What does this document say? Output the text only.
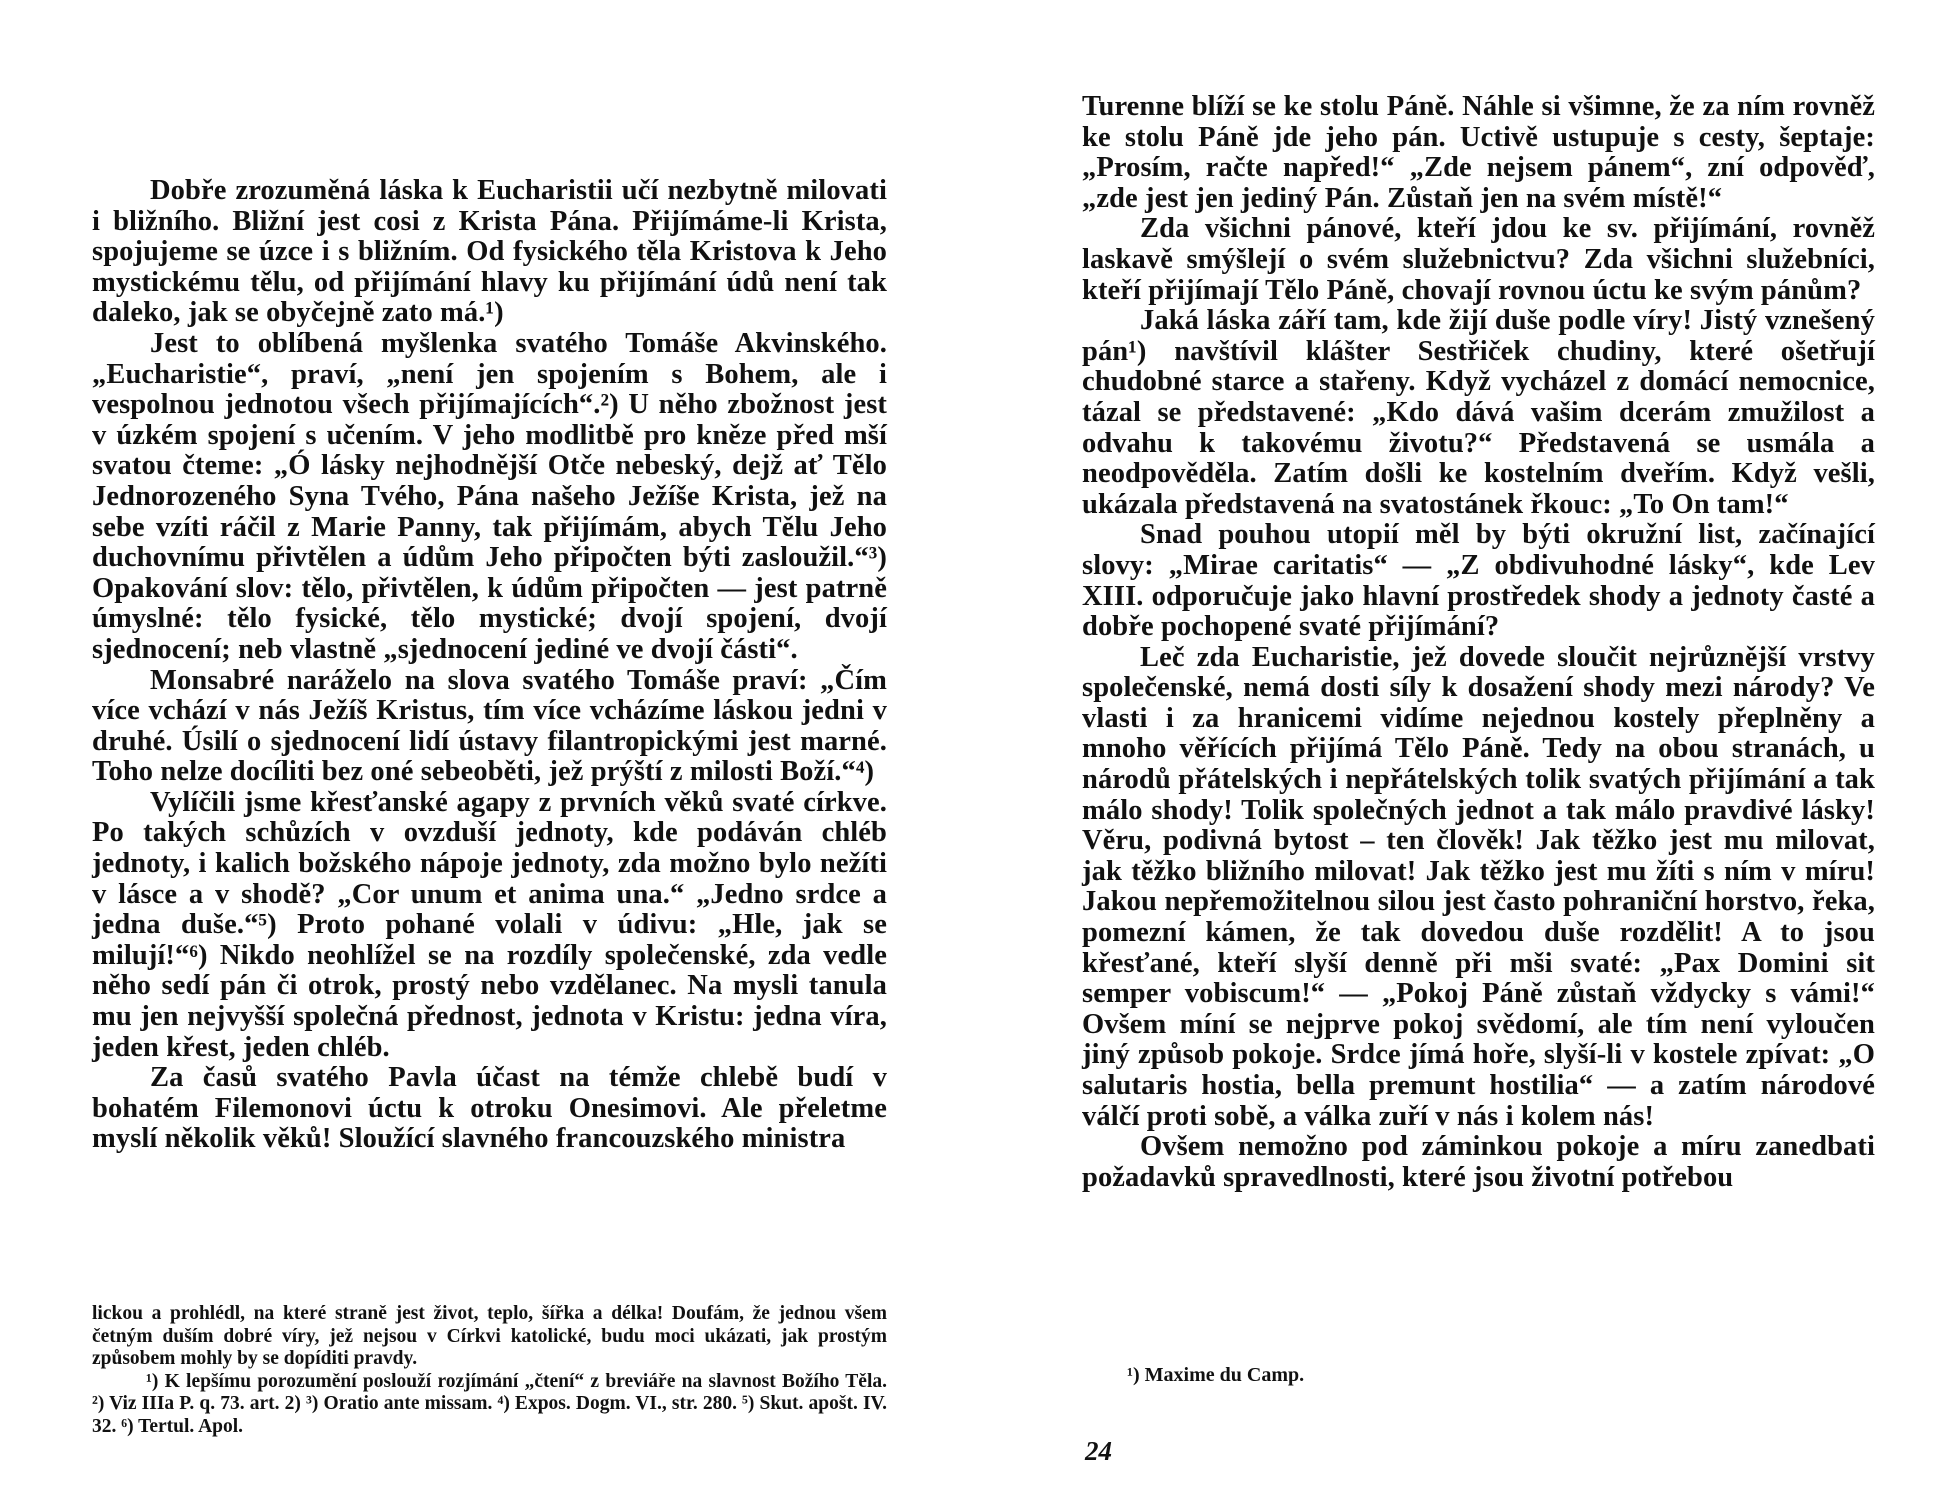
Dobře zrozuměná láska k Eucharistii učí nezbytně milovati i bližního. Bližní jest cosi z Krista Pána. Přijímáme-li Krista, spojujeme se úzce i s bližním. Od fysického těla Kristova k Jeho mystickému tělu, od přijímání hlavy ku přijímání údů není tak daleko, jak se obyčejně zato má.¹)

Jest to oblíbená myšlenka svatého Tomáše Akvinského. „Eucharistie“, praví, „není jen spojením s Bohem, ale i vespolnou jednotou všech přijímajících“.²) U něho zbožnost jest v úzkém spojení s učením. V jeho modlitbě pro kněze před mší svatou čteme: „Ó lásky nejhodnější Otče nebeský, dejž ať Tělo Jednorozeného Syna Tvého, Pána našeho Ježíše Krista, jež na sebe vzíti ráčil z Marie Panny, tak přijímám, abych Tělu Jeho duchovnímu přivtělen a údům Jeho připočten býti zasloužil.“³) Opakování slov: tělo, přivtělen, k údům připočten — jest patrně úmyslné: tělo fysické, tělo mystické; dvojí spojení, dvojí sjednocení; neb vlastně „sjednocení jediné ve dvojí části“.

Monsabré naráželo na slova svatého Tomáše praví: „Čím více vchází v nás Ježíš Kristus, tím více vcházíme láskou jedni v druhé. Úsilí o sjednocení lidí ústavy filantropickými jest marné. Toho nelze docíliti bez oné sebeoběti, jež prýští z milosti Boží.“⁴)

Vylíčili jsme křesťanské agapy z prvních věků svaté církve. Po takých schůzích v ovzduší jednoty, kde podáván chléb jednoty, i kalich božského nápoje jednoty, zda možno bylo nežíti v lásce a v shodě? „Cor unum et anima una.“ „Jedno srdce a jedna duše.“⁵) Proto pohané volali v údivu: „Hle, jak se milují!“⁶) Nikdo neohlížel se na rozdíly společenské, zda vedle něho sedí pán či otrok, prostý nebo vzdělanec. Na mysli tanula mu jen nejvyšší společná přednost, jednota v Kristu: jedna víra, jeden křest, jeden chléb.

Za časů svatého Pavla účast na témže chlebě budí v bohatém Filemonovi úctu k otroku Onesimovi. Ale přeletme myslí několik věků! Sloužící slavného francouzského ministra

lickou a prohlédl, na které straně jest život, teplo, šířka a délka! Doufám, že jednou všem četným duším dobré víry, jež nejsou v Církvi katolické, budu moci ukázati, jak prostým způsobem mohly by se dopíditi pravdy.

¹) K lepšímu porozumění poslouží rozjímání „čtení“ z breviáře na slavnost Božího Těla. ²) Viz IIIa P. q. 73. art. 2) ³) Oratio ante missam. ⁴) Expos. Dogm. VI., str. 280. ⁵) Skut. apošt. IV. 32. ⁶) Tertul. Apol.

Turenne blíží se ke stolu Páně. Náhle si všimne, že za ním rovněž ke stolu Páně jde jeho pán. Uctivě ustupuje s cesty, šeptaje: „Prosím, račte napřed!“ „Zde nejsem pánem“, zní odpověď, „zde jest jen jediný Pán. Zůstaň jen na svém místě!“

Zda všichni pánové, kteří jdou ke sv. přijímání, rovněž laskavě smýšlejí o svém služebnictvu? Zda všichni služebníci, kteří přijímají Tělo Páně, chovají rovnou úctu ke svým pánům?

Jaká láska září tam, kde žijí duše podle víry! Jistý vznešený pán¹) navštívil klášter Sestřiček chudiny, které ošetřují chudobné starce a stařeny. Když vycházel z domácí nemocnice, tázal se představené: „Kdo dává vašim dcerám zmužilost a odvahu k takovému životu?“ Představená se usmála a neodpověděla. Zatím došli ke kostelním dveřím. Když vešli, ukázala představená na svatostánek řkouc: „To On tam!“

Snad pouhou utopií měl by býti okružní list, začínající slovy: „Mirae caritatis“ — „Z obdivuhodné lásky“, kde Lev XIII. odporučuje jako hlavní prostředek shody a jednoty časté a dobře pochopené svaté přijímání?

Leč zda Eucharistie, jež dovede sloučit nejrůznější vrstvy společenské, nemá dosti síly k dosažení shody mezi národy? Ve vlasti i za hranicemi vidíme nejednou kostely přeplněny a mnoho věřících přijímá Tělo Páně. Tedy na obou stranách, u národů přátelských i nepřátelských tolik svatých přijímání a tak málo shody! Tolik společných jednot a tak málo pravdivé lásky! Věru, podivná bytost – ten člověk! Jak těžko jest mu milovat, jak těžko bližního milovat! Jak těžko jest mu žíti s ním v míru! Jakou nepřemožitelnou silou jest často pohraniční horstvo, řeka, pomezní kámen, že tak dovedou duše rozdělit! A to jsou křesťané, kteří slyší denně při mši svaté: „Pax Domini sit semper vobiscum!“ — „Pokoj Páně zůstaň vždycky s vámi!“ Ovšem míní se nejprve pokoj svědomí, ale tím není vyloučen jiný způsob pokoje. Srdce jímá hoře, slyší-li v kostele zpívat: „O salutaris hostia, bella premunt hostilia“ — a zatím národové válčí proti sobě, a válka zuří v nás i kolem nás!

Ovšem nemožno pod záminkou pokoje a míru zanedbati požadavků spravedlnosti, které jsou životní potřebou

¹) Maxime du Camp.
24
